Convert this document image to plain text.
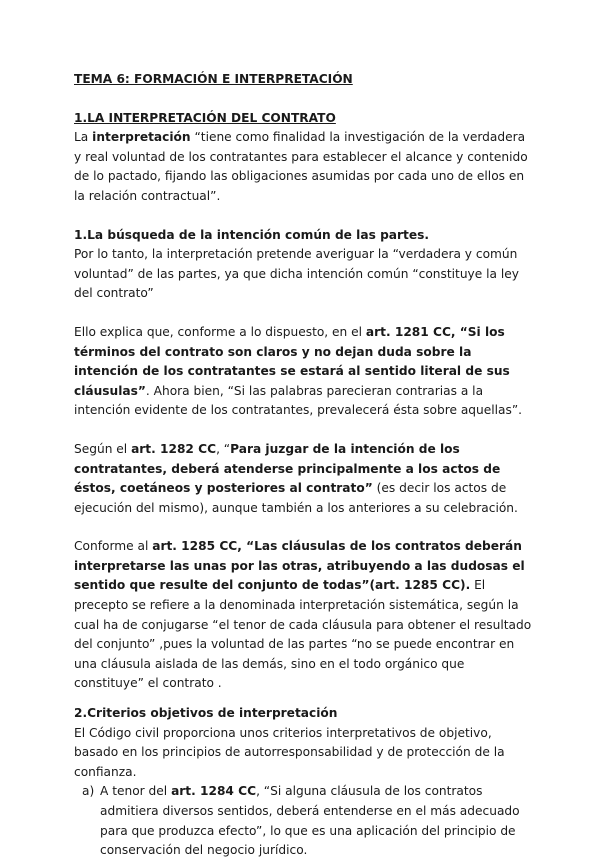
TEMA 6: FORMACIÓN E INTERPRETACIÓN

1.LA INTERPRETACIÓN DEL CONTRATO

La interpretación “tiene como finalidad la investigación de la verdadera y real voluntad de los contratantes para establecer el alcance y contenido de lo pactado, fijando las obligaciones asumidas por cada uno de ellos en la relación contractual”.

1.La búsqueda de la intención común de las partes.

Por lo tanto, la interpretación pretende averiguar la “verdadera y común voluntad” de las partes, ya que dicha intención común “constituye la ley del contrato”

Ello explica que, conforme a lo dispuesto, en el art. 1281 CC, “Si los términos del contrato son claros y no dejan duda sobre la intención de los contratantes se estará al sentido literal de sus cláusulas”. Ahora bien, “Si las palabras parecieran contrarias a la intención evidente de los contratantes, prevalecerá ésta sobre aquellas”.

Según el art. 1282 CC, “Para juzgar de la intención de los contratantes, deberá atenderse principalmente a los actos de éstos, coetáneos y posteriores al contrato” (es decir los actos de ejecución del mismo), aunque también a los anteriores a su celebración.

Conforme al art. 1285 CC, “Las cláusulas de los contratos deberán interpretarse las unas por las otras, atribuyendo a las dudosas el sentido que resulte del conjunto de todas”(art. 1285 CC). El precepto se refiere a la denominada interpretación sistemática, según la cual ha de conjugarse “el tenor de cada cláusula para obtener el resultado del conjunto” ,pues la voluntad de las partes “no se puede encontrar en una cláusula aislada de las demás, sino en el todo orgánico que constituye” el contrato .

2.Criterios objetivos de interpretación

El Código civil proporciona unos criterios interpretativos de objetivo, basado en los principios de autorresponsabilidad y de protección de la confianza.

a) A tenor del art. 1284 CC, “Si alguna cláusula de los contratos admitiera diversos sentidos, deberá entenderse en el más adecuado para que produzca efecto”, lo que es una aplicación del principio de conservación del negocio jurídico.
